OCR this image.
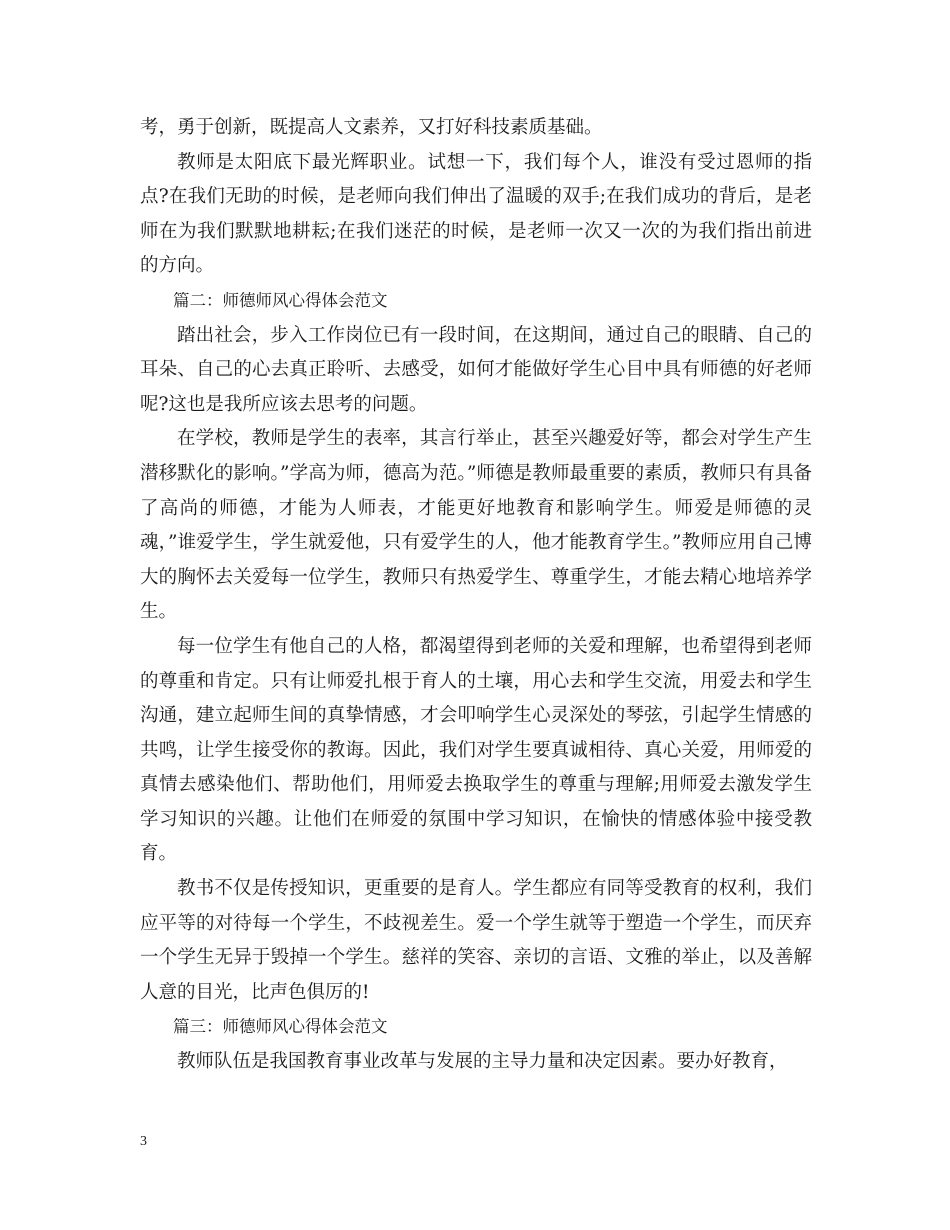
考，勇于创新，既提高人文素养，又打好科技素质基础。

教师是太阳底下最光辉职业。试想一下，我们每个人，谁没有受过恩师的指点?在我们无助的时候，是老师向我们伸出了温暖的双手;在我们成功的背后，是老师在为我们默默地耕耘;在我们迷茫的时候，是老师一次又一次的为我们指出前进的方向。

篇二：师德师风心得体会范文

踏出社会，步入工作岗位已有一段时间，在这期间，通过自己的眼睛、自己的耳朵、自己的心去真正聆听、去感受，如何才能做好学生心目中具有师德的好老师呢?这也是我所应该去思考的问题。

在学校，教师是学生的表率，其言行举止，甚至兴趣爱好等，都会对学生产生潜移默化的影响。”学高为师，德高为范。”师德是教师最重要的素质，教师只有具备了高尚的师德，才能为人师表，才能更好地教育和影响学生。师爱是师德的灵魂，”谁爱学生，学生就爱他，只有爱学生的人，他才能教育学生。”教师应用自己博大的胸怀去关爱每一位学生，教师只有热爱学生、尊重学生，才能去精心地培养学生。

每一位学生有他自己的人格，都渴望得到老师的关爱和理解，也希望得到老师的尊重和肯定。只有让师爱扎根于育人的土壤，用心去和学生交流，用爱去和学生沟通，建立起师生间的真挚情感，才会叩响学生心灵深处的琴弦，引起学生情感的共鸣，让学生接受你的教诲。因此，我们对学生要真诚相待、真心关爱，用师爱的真情去感染他们、帮助他们，用师爱去换取学生的尊重与理解;用师爱去激发学生学习知识的兴趣。让他们在师爱的氛围中学习知识，在愉快的情感体验中接受教育。

教书不仅是传授知识，更重要的是育人。学生都应有同等受教育的权利，我们应平等的对待每一个学生，不歧视差生。爱一个学生就等于塑造一个学生，而厌弃一个学生无异于毁掉一个学生。慈祥的笑容、亲切的言语、文雅的举止，以及善解人意的目光，比声色俱厉的!

篇三：师德师风心得体会范文

教师队伍是我国教育事业改革与发展的主导力量和决定因素。要办好教育，

3
